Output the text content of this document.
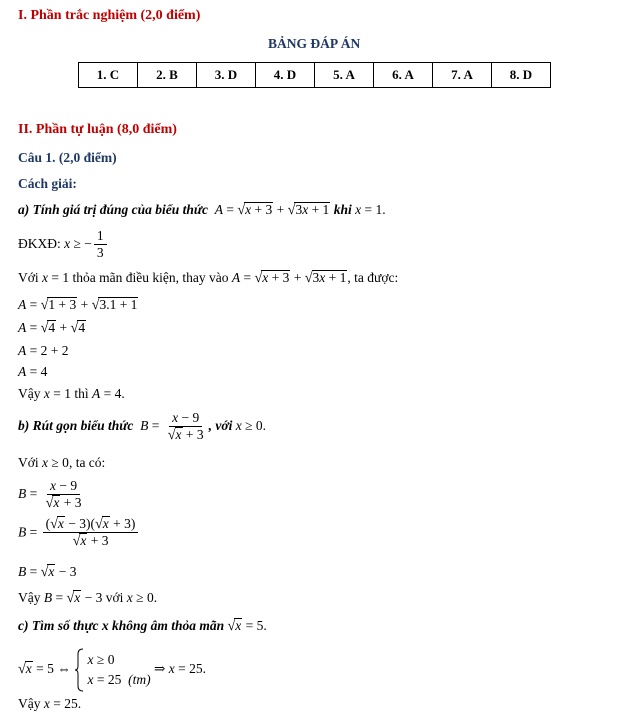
I. Phần trắc nghiệm (2,0 điểm)
BẢNG ĐÁP ÁN
1. C	2. B	3. D	4. D	5. A	6. A	7. A	8. D
II. Phần tự luận (8,0 điểm)
Câu 1. (2,0 điểm)
Cách giải:
a) Tính giá trị đúng của biểu thức  A = √x + 3 + √3x + 1 khi x = 1.
ĐKXĐ: x ≥ − $\frac{1}{3}$
Với x = 1 thỏa mãn điều kiện, thay vào A = √x + 3 + √3x + 1, ta được:
A = √1 + 3 + √3.1 + 1
A = √4 + √4
A = 2 + 2
A = 4
Vậy x = 1 thì A = 4.
b) Rút gọn biểu thức  $B = \frac{x - 9}{√x + 3}$ , với x ≥ 0.
Với x ≥ 0, ta có:
$B = \frac{x - 9}{√x + 3}$
$B = \frac{(√x - 3)(√x + 3)}{√x + 3}$
B = √x − 3
Vậy B = √x − 3 với x ≥ 0.
c) Tìm số thực x không âm thỏa mãn √x = 5.
√x = 5 ⇔
x ≥ 0
x = 25  (tm)
⇒ x = 25.
Vậy x = 25.
